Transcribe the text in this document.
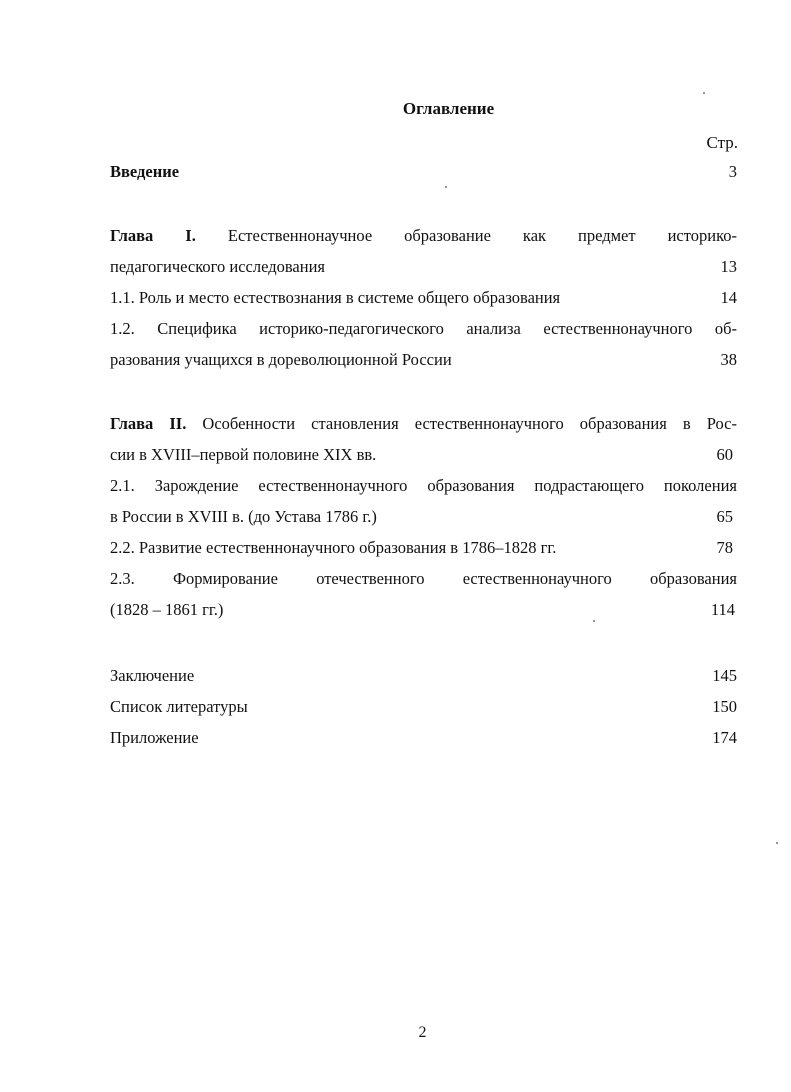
Оглавление
Стр.
Введение	3
Глава I. Естественнонаучное образование как предмет историко-
педагогического исследования	13
1.1. Роль и место естествознания в системе общего образования	14
1.2. Специфика историко-педагогического анализа естественнонаучного об-
разования учащихся в дореволюционной России	38
Глава II. Особенности становления естественнонаучного образования в Рос-
сии в XVIII–первой половине XIX вв.	60
2.1. Зарождение естественнонаучного образования подрастающего поколения
в России в XVIII в. (до Устава 1786 г.)	65
2.2. Развитие естественнонаучного образования в 1786–1828 гг.	78
2.3. Формирование отечественного естественнонаучного образования
(1828 – 1861 гг.)	114
Заключение	145
Список литературы	150
Приложение	174
2
